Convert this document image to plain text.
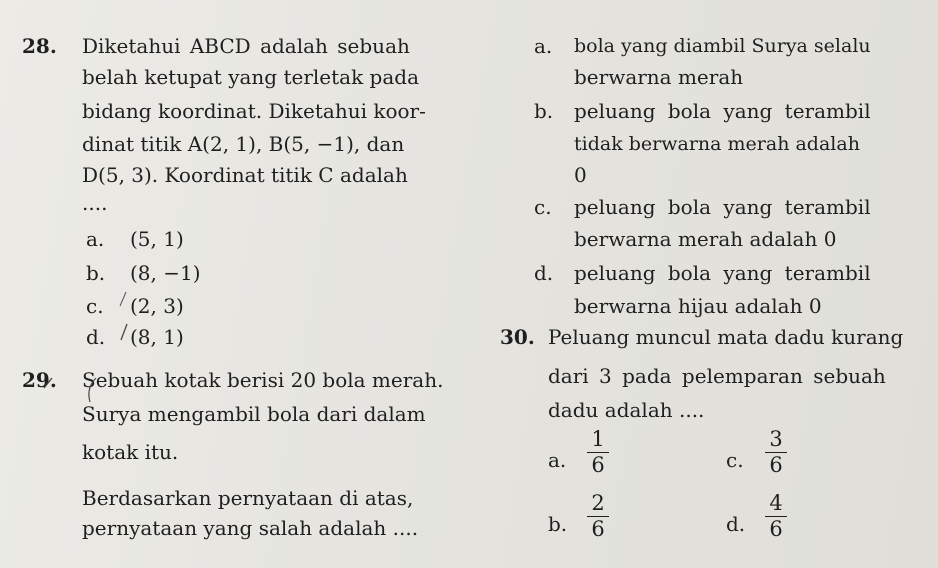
28. Diketahui ABCD adalah sebuah
belah ketupat yang terletak pada
bidang koordinat. Diketahui koor-
dinat titik A(2, 1), B(5, −1), dan
D(5, 3). Koordinat titik C adalah
....
a. (5, 1)
b. (8, −1)
c. (2, 3)
d. (8, 1)
29. Sebuah kotak berisi 20 bola merah.
Surya mengambil bola dari dalam
kotak itu.
Berdasarkan pernyataan di atas,
pernyataan yang salah adalah ....
a. bola yang diambil Surya selalu
berwarna merah
b. peluang bola yang terambil
tidak berwarna merah adalah
0
c. peluang bola yang terambil
berwarna merah adalah 0
d. peluang bola yang terambil
berwarna hijau adalah 0
30. Peluang muncul mata dadu kurang
dari 3 pada pelemparan sebuah
dadu adalah ....
a.
1
6
b.
2
6
c.
3
6
d.
4
6
